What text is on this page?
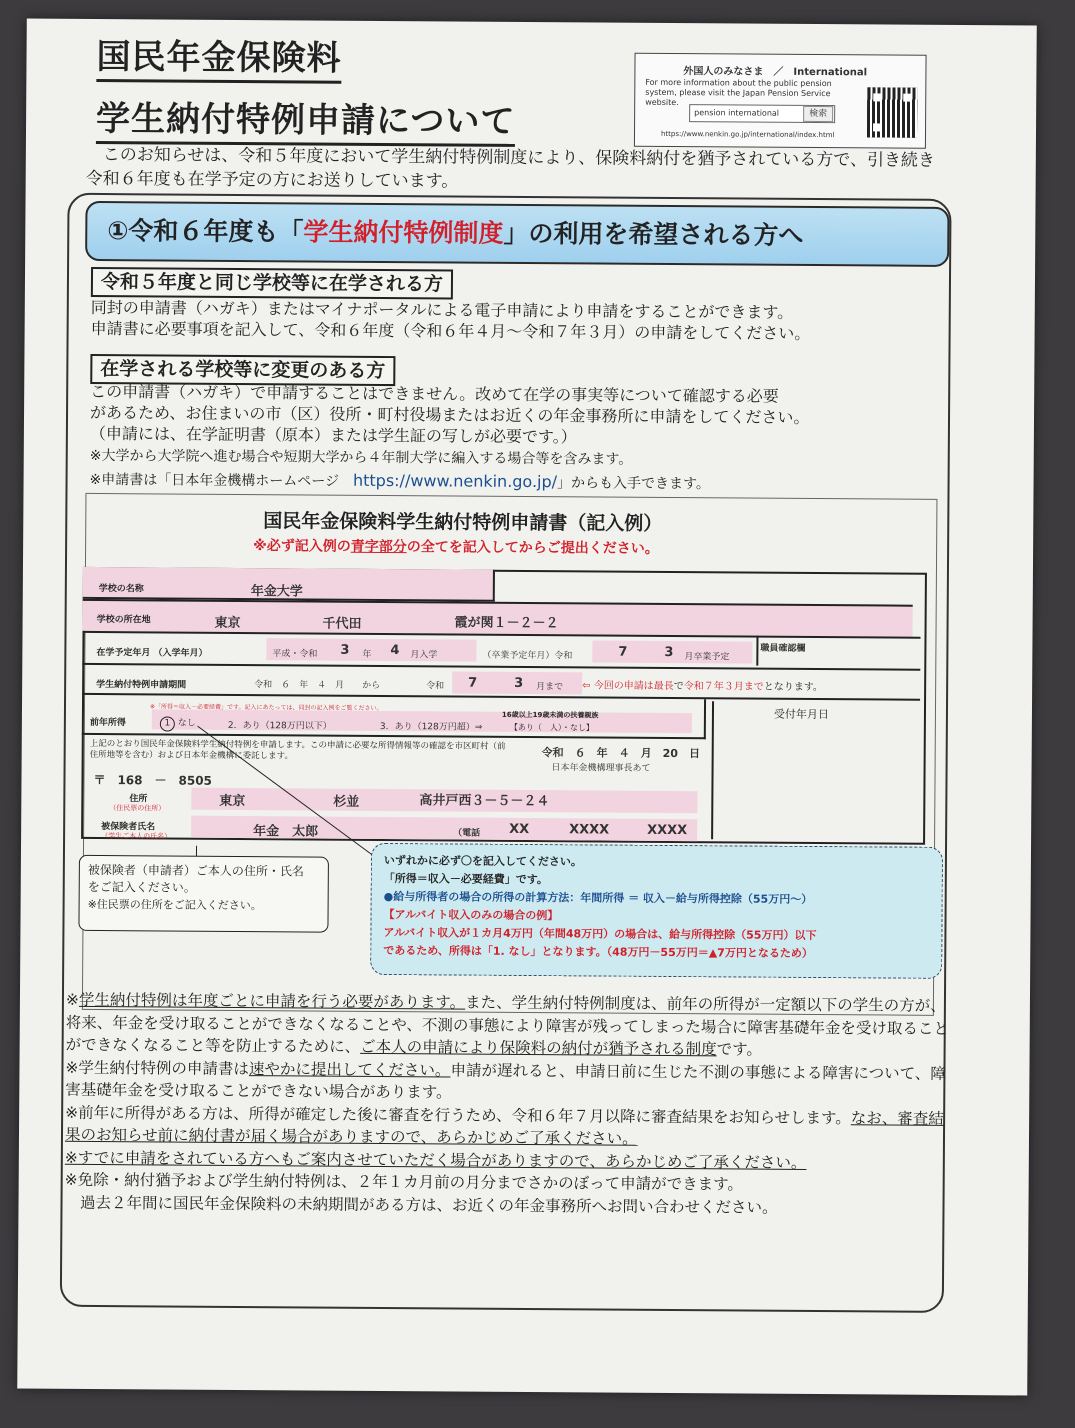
国民年金保険料
学生納付特例申請について
外国人のみなさま　／　International
For more information about the public pension system, please visit the Japan Pension Service website.
pension international	検索
https://www.nenkin.go.jp/international/index.html
　このお知らせは、令和５年度において学生納付特例制度により、保険料納付を猶予されている方で、引き続き令和６年度も在学予定の方にお送りしています。
①令和６年度も「学生納付特例制度」の利用を希望される方へ
令和５年度と同じ学校等に在学される方
同封の申請書（ハガキ）またはマイナポータルによる電子申請により申請をすることができます。
申請書に必要事項を記入して、令和６年度（令和６年４月～令和７年３月）の申請をしてください。
在学される学校等に変更のある方
この申請書（ハガキ）で申請することはできません。改めて在学の事実等について確認する必要
があるため、お住まいの市（区）役所・町村役場またはお近くの年金事務所に申請をしてください。
（申請には、在学証明書（原本）または学生証の写しが必要です。）
※大学から大学院へ進む場合や短期大学から４年制大学に編入する場合等を含みます。
※申請書は「日本年金機構ホームページ　https://www.nenkin.go.jp/」からも入手できます。
国民年金保険料学生納付特例申請書（記入例）
※必ず記入例の青字部分の全てを記入してからご提出ください。
学校の名称	年金大学
学校の所在地	東京	千代田	霞が関１－２－２
在学予定年月 （入学年月）	平成・令和 3 年 4 月入学	（卒業予定年月）令和	7	3 月卒業予定
職員確認欄
学生納付特例申請期間	令和　６　年　４　月　　から	令和 7	3 月まで ⇦ 今回の申請は最長で令和７年３月までとなります。
前年所得
※「所得＝収入－必要経費」です。記入にあたっては、同封の記入例をご覧ください。
1 なし	2．あり（128万円以下）	3．あり（128万円超）⇒
16歳以上19歳未満の扶養親族
【あり（　人）・なし】
受付年月日
上記のとおり国民年金保険料学生納付特例を申請します。この申請に必要な所得情報等の確認を市区町村（前住所地等を含む）および日本年金機構に委託します。	令和　６　年　４　月　20　日
日本年金機構理事長あて
〒　168　－　8505
住所
（住民票の住所）	東京	杉並	高井戸西３－５－２４
被保険者氏名
（学生ご本人の氏名）	年金　太郎	（電話 XX	XXXX	XXXX
被保険者（申請者）ご本人の住所・氏名
をご記入ください。
※住民票の住所をご記入ください。
いずれかに必ず〇を記入してください。
「所得＝収入－必要経費」です。
●給与所得者の場合の所得の計算方法：年間所得 ＝ 収入－給与所得控除（55万円～）
【アルバイト収入のみの場合の例】
アルバイト収入が１カ月4万円（年間48万円）の場合は、給与所得控除（55万円）以下
であるため、所得は「1. なし」となります。（48万円－55万円＝▲7万円となるため）

※学生納付特例は年度ごとに申請を行う必要があります。また、学生納付特例制度は、前年の所得が一定額以下の学生の方が、将来、年金を受け取ることができなくなることや、不測の事態により障害が残ってしまった場合に障害基礎年金を受け取ることができなくなること等を防止するために、ご本人の申請により保険料の納付が猶予される制度です。

※学生納付特例の申請書は速やかに提出してください。申請が遅れると、申請日前に生じた不測の事態による障害について、障害基礎年金を受け取ることができない場合があります。

※前年に所得がある方は、所得が確定した後に審査を行うため、令和６年７月以降に審査結果をお知らせします。なお、審査結果のお知らせ前に納付書が届く場合がありますので、あらかじめご了承ください。

※すでに申請をされている方へもご案内させていただく場合がありますので、あらかじめご了承ください。

※免除・納付猶予および学生納付特例は、２年１カ月前の月分までさかのぼって申請ができます。

　過去２年間に国民年金保険料の未納期間がある方は、お近くの年金事務所へお問い合わせください。
